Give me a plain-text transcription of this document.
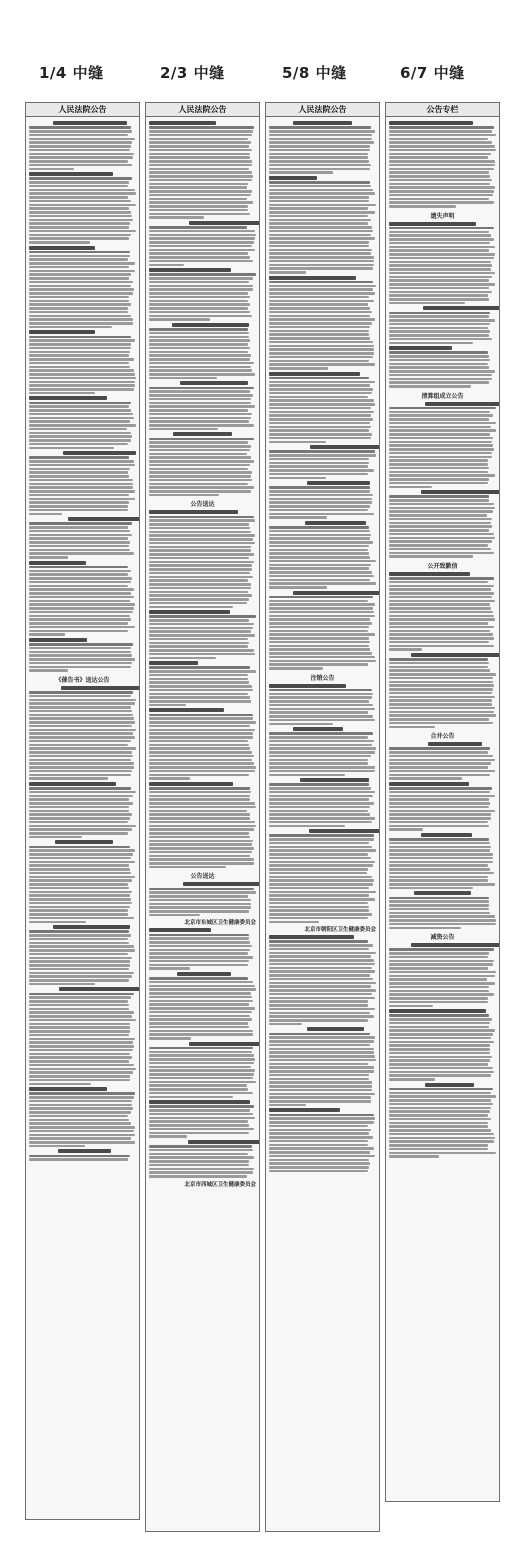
1/4 中缝	2/3 中缝	5/8 中缝	6/7 中缝
人民法院公告
《催告书》送达公告
人民法院公告
公告送达
公告送达
北京市东城区卫生健康委员会
北京市西城区卫生健康委员会
人民法院公告
注销公告
北京市朝阳区卫生健康委员会
公告专栏
遗失声明
清算组成立公告
公开致歉信
合并公告
减资公告
